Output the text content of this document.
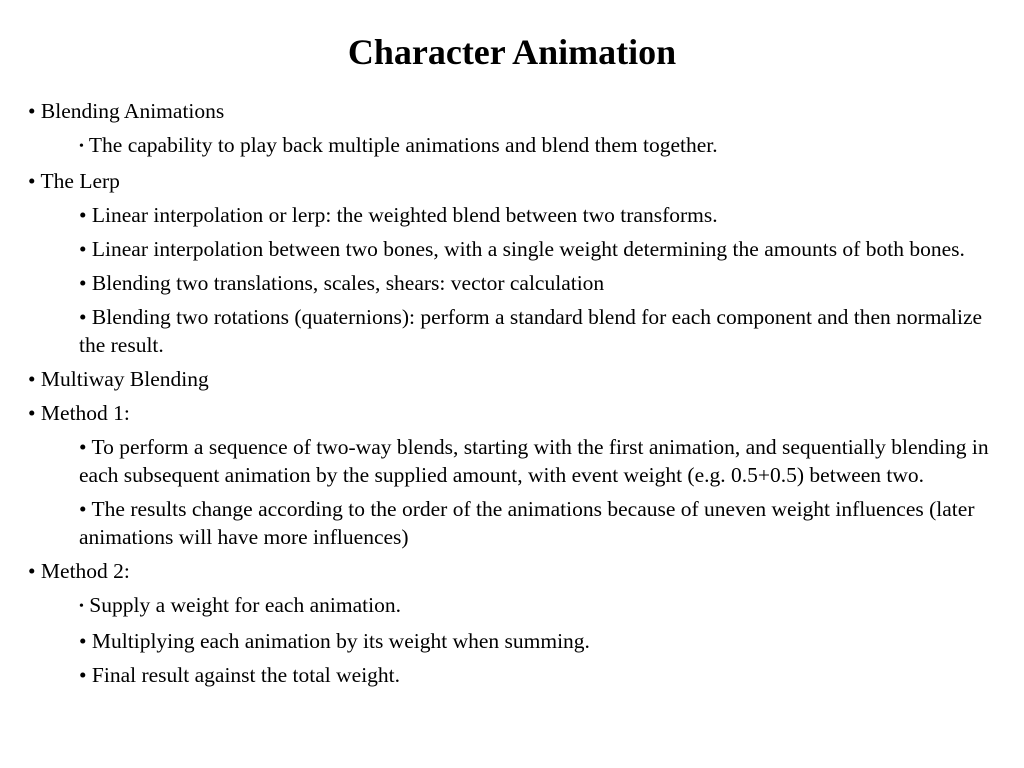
Character Animation
• Blending Animations
• The capability to play back multiple animations and blend them together.
• The Lerp
• Linear interpolation or lerp: the weighted blend between two transforms.
• Linear interpolation between two bones, with a single weight determining the amounts of both bones.
• Blending two translations, scales, shears: vector calculation
• Blending two rotations (quaternions): perform a standard blend for each component and then normalize the result.
• Multiway Blending
• Method 1:
• To perform a sequence of two-way blends, starting with the first animation, and sequentially blending in each subsequent animation by the supplied amount, with event weight (e.g. 0.5+0.5) between two.
• The results change according to the order of the animations because of uneven weight influences (later animations will have more influences)
• Method 2:
• Supply a weight for each animation.
• Multiplying each animation by its weight when summing.
• Final result against the total weight.
